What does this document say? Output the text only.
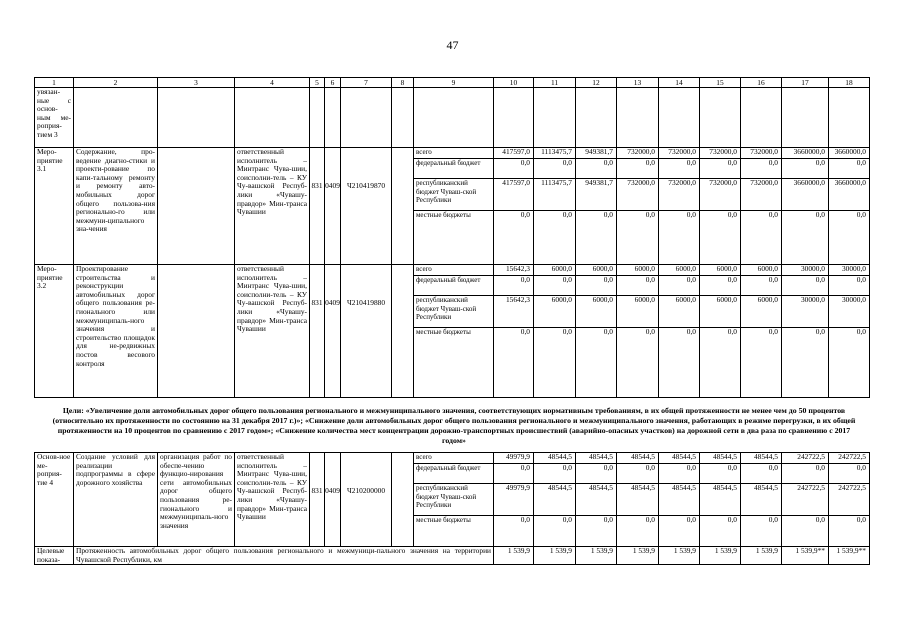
47
1	2	3	4	5	6	7	8	9	10	11	12	13	14	15	16	17	18
увязан-ные с основ-ным ме-роприя-тием 3																	
Меро-приятие 3.1	Содержание, про-ведение диагно-стики и проекти-рование по капи-тальному ремонту и ремонту авто-мобильных дорог общего пользова-ния регионально-го или межмуни-ципального зна-чения		ответственный исполнитель – Минтранс Чува-шии, соисполни-тель – КУ Чу-вашской Респуб-лики «Чувашу-правдор» Мин-транса Чувашии	831	0409	Ч210419870		всего	417597,0	1113475,7	949381,7	732000,0	732000,0	732000,0	732000,0	3660000,0	3660000,0
								федеральный бюджет	0,0	0,0	0,0	0,0	0,0	0,0	0,0	0,0	0,0
								республиканский бюджет Чуваш-ской Республики	417597,0	1113475,7	949381,7	732000,0	732000,0	732000,0	732000,0	3660000,0	3660000,0
								местные бюджеты	0,0	0,0	0,0	0,0	0,0	0,0	0,0	0,0	0,0
Меро-приятие 3.2	Проектирование строительства и реконструкции автомобильных дорог общего пользования ре-гионального или межмуниципаль-ного значения и строительство площадок для не-редвижных постов весового контроля		ответственный исполнитель – Минтранс Чува-шии, соисполни-тель – КУ Чу-вашской Респуб-лики «Чувашу-правдор» Мин-транса Чувашии	831	0409	Ч210419880		всего	15642,3	6000,0	6000,0	6000,0	6000,0	6000,0	6000,0	30000,0	30000,0
								федеральный бюджет	0,0	0,0	0,0	0,0	0,0	0,0	0,0	0,0	0,0
								республиканский бюджет Чуваш-ской Республики	15642,3	6000,0	6000,0	6000,0	6000,0	6000,0	6000,0	30000,0	30000,0
								местные бюджеты	0,0	0,0	0,0	0,0	0,0	0,0	0,0	0,0	0,0
Цели: «Увеличение доли автомобильных дорог общего пользования регионального и межмуниципального значения, соответствующих нормативным требованиям, в их общей протяженности не менее чем до 50 процентов (относительно их протяженности по состоянию на 31 декабря 2017 г.)»; «Снижение доли автомобильных дорог общего пользования регионального и межмуниципального значения, работающих в режиме перегрузки, в их общей протяженности на 10 процентов по сравнению с 2017 годом»; «Снижение количества мест концентрации дорожно-транспортных происшествий (аварийно-опасных участков) на дорожной сети в два раза по сравнению с 2017 годом»
Основ-ное ме-роприя-тие 4	Создание условий для реализации подпрограммы в сфере дорожного хозяйства	организация работ по обеспе-чению функцио-нирования сети автомобильных дорог общего пользования ре-гионального и межмуниципаль-ного значения	ответственный исполнитель – Минтранс Чува-шии, соисполни-тель – КУ Чу-вашской Респуб-лики «Чувашу-правдор» Мин-транса Чувашии	831	0409	Ч210200000		всего	49979,9	48544,5	48544,5	48544,5	48544,5	48544,5	48544,5	242722,5	242722,5
								федеральный бюджет	0,0	0,0	0,0	0,0	0,0	0,0	0,0	0,0	0,0
								республиканский бюджет Чуваш-ской Республики	49979,9	48544,5	48544,5	48544,5	48544,5	48544,5	48544,5	242722,5	242722,5
								местные бюджеты	0,0	0,0	0,0	0,0	0,0	0,0	0,0	0,0	0,0
Целевые показа-	Протяженность автомобильных дорог общего пользования регионального и межмуници-пального значения на территории Чувашской Республики, км								1 539,9	1 539,9	1 539,9	1 539,9	1 539,9	1 539,9	1 539,9	1 539,9**	1 539,9**
